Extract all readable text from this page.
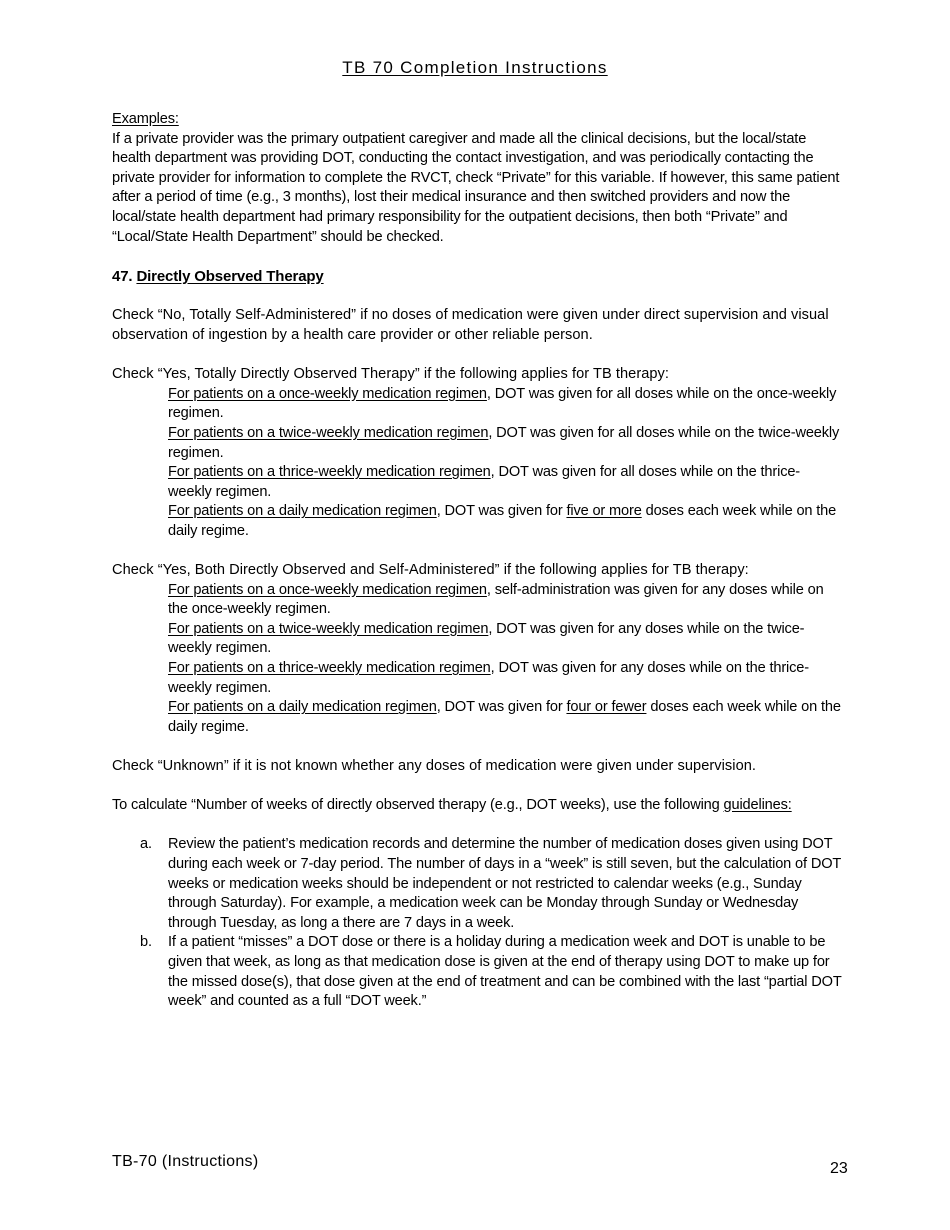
TB 70 Completion Instructions

Examples:

If a private provider was the primary outpatient caregiver and made all the clinical decisions, but the local/state health department was providing DOT, conducting the contact investigation, and was periodically contacting the private provider for information to complete the RVCT, check “Private” for this variable. If however, this same patient after a period of time (e.g., 3 months), lost their medical insurance and then switched providers and now the local/state health department had primary responsibility for the outpatient decisions, then both “Private” and “Local/State Health Department” should be checked.

47. Directly Observed Therapy

Check “No, Totally Self-Administered” if no doses of medication were given under direct supervision and visual observation of ingestion by a health care provider or other reliable person.

Check “Yes, Totally Directly Observed Therapy” if the following applies for TB therapy:

For patients on a once-weekly medication regimen, DOT was given for all doses while on the once-weekly regimen.

For patients on a twice-weekly medication regimen, DOT was given for all doses while on the twice-weekly regimen.

For patients on a thrice-weekly medication regimen, DOT was given for all doses while on the thrice-weekly regimen.

For patients on a daily medication regimen, DOT was given for five or more doses each week while on the daily regime.

Check “Yes, Both Directly Observed and Self-Administered” if the following applies for TB therapy:

For patients on a once-weekly medication regimen, self-administration was given for any doses while on the once-weekly regimen.

For patients on a twice-weekly medication regimen, DOT was given for any doses while on the twice-weekly regimen.

For patients on a thrice-weekly medication regimen, DOT was given for any doses while on the thrice-weekly regimen.

For patients on a daily medication regimen, DOT was given for four or fewer doses each week while on the daily regime.

Check “Unknown” if it is not known whether any doses of medication were given under supervision.

To calculate “Number of weeks of directly observed therapy (e.g., DOT weeks), use the following guidelines:

a. Review the patient’s medication records and determine the number of medication doses given using DOT during each week or 7-day period. The number of days in a “week” is still seven, but the calculation of DOT weeks or medication weeks should be independent or not restricted to calendar weeks (e.g., Sunday through Saturday). For example, a medication week can be Monday through Sunday or Wednesday through Tuesday, as long a there are 7 days in a week.
b. If a patient “misses” a DOT dose or there is a holiday during a medication week and DOT is unable to be given that week, as long as that medication dose is given at the end of therapy using DOT to make up for the missed dose(s), that dose given at the end of treatment and can be combined with the last “partial DOT week” and counted as a full “DOT week.”
TB-70 (Instructions)	23
